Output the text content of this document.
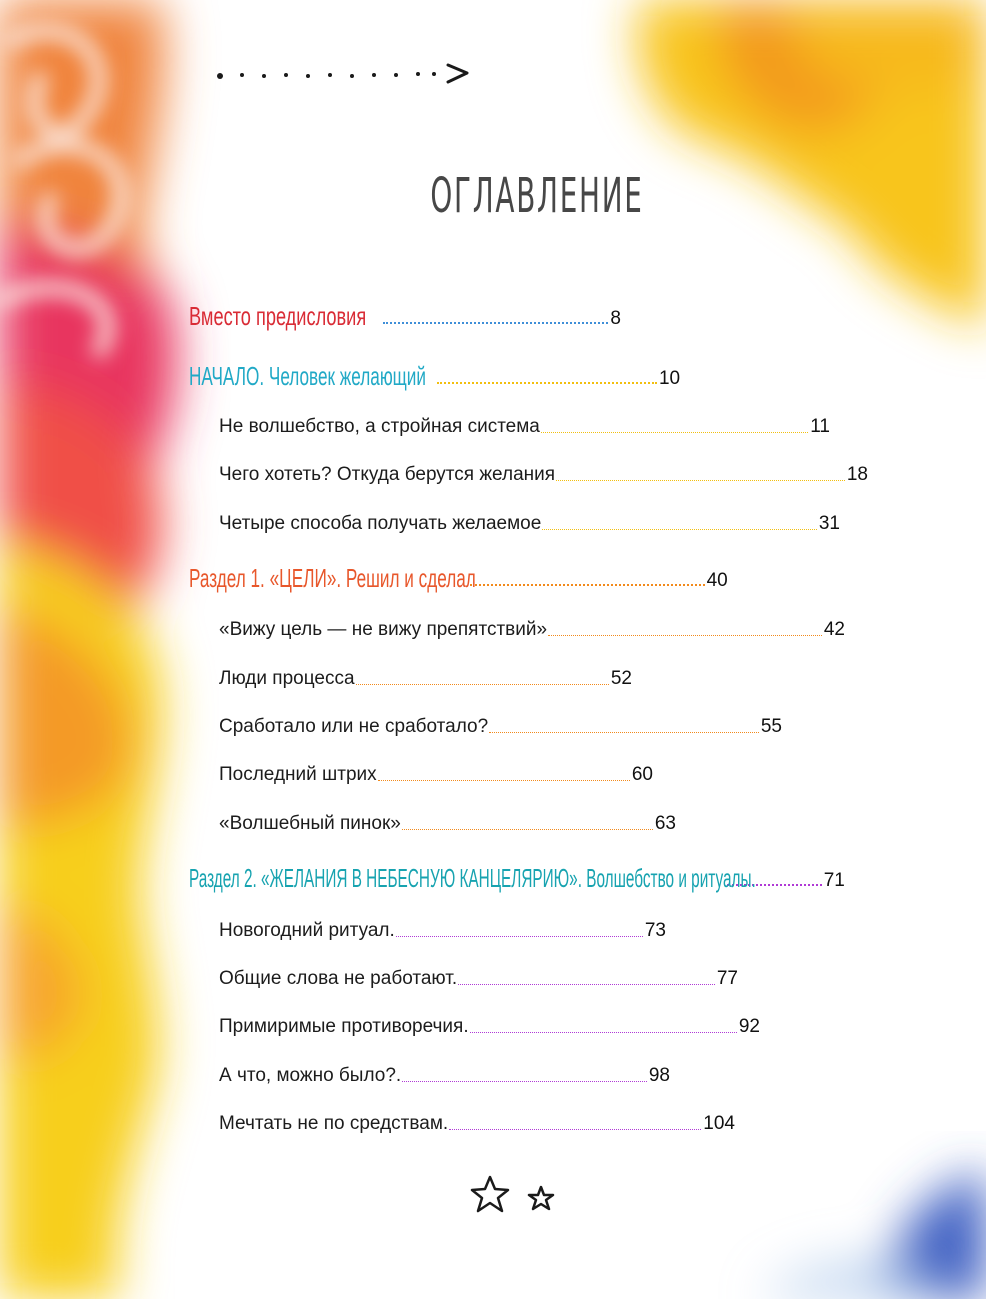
ОГЛАВЛЕНИЕ
Вместо предисловия	8
НАЧАЛО. Человек желающий	10
Не волшебство, а стройная система	11
Чего хотеть? Откуда берутся желания	18
Четыре способа получать желаемое	31
Раздел 1. «ЦЕЛИ». Решил и сделал	40
«Вижу цель — не вижу препятствий»	42
Люди процесса	52
Сработало или не сработало?	55
Последний штрих	60
«Волшебный пинок»	63
Раздел 2. «ЖЕЛАНИЯ В НЕБЕСНУЮ КАНЦЕЛЯРИЮ». Волшебство и ритуалы.	71
Новогодний ритуал.	73
Общие слова не работают.	77
Примиримые противоречия.	92
А что, можно было?.	98
Мечтать не по средствам.	104
